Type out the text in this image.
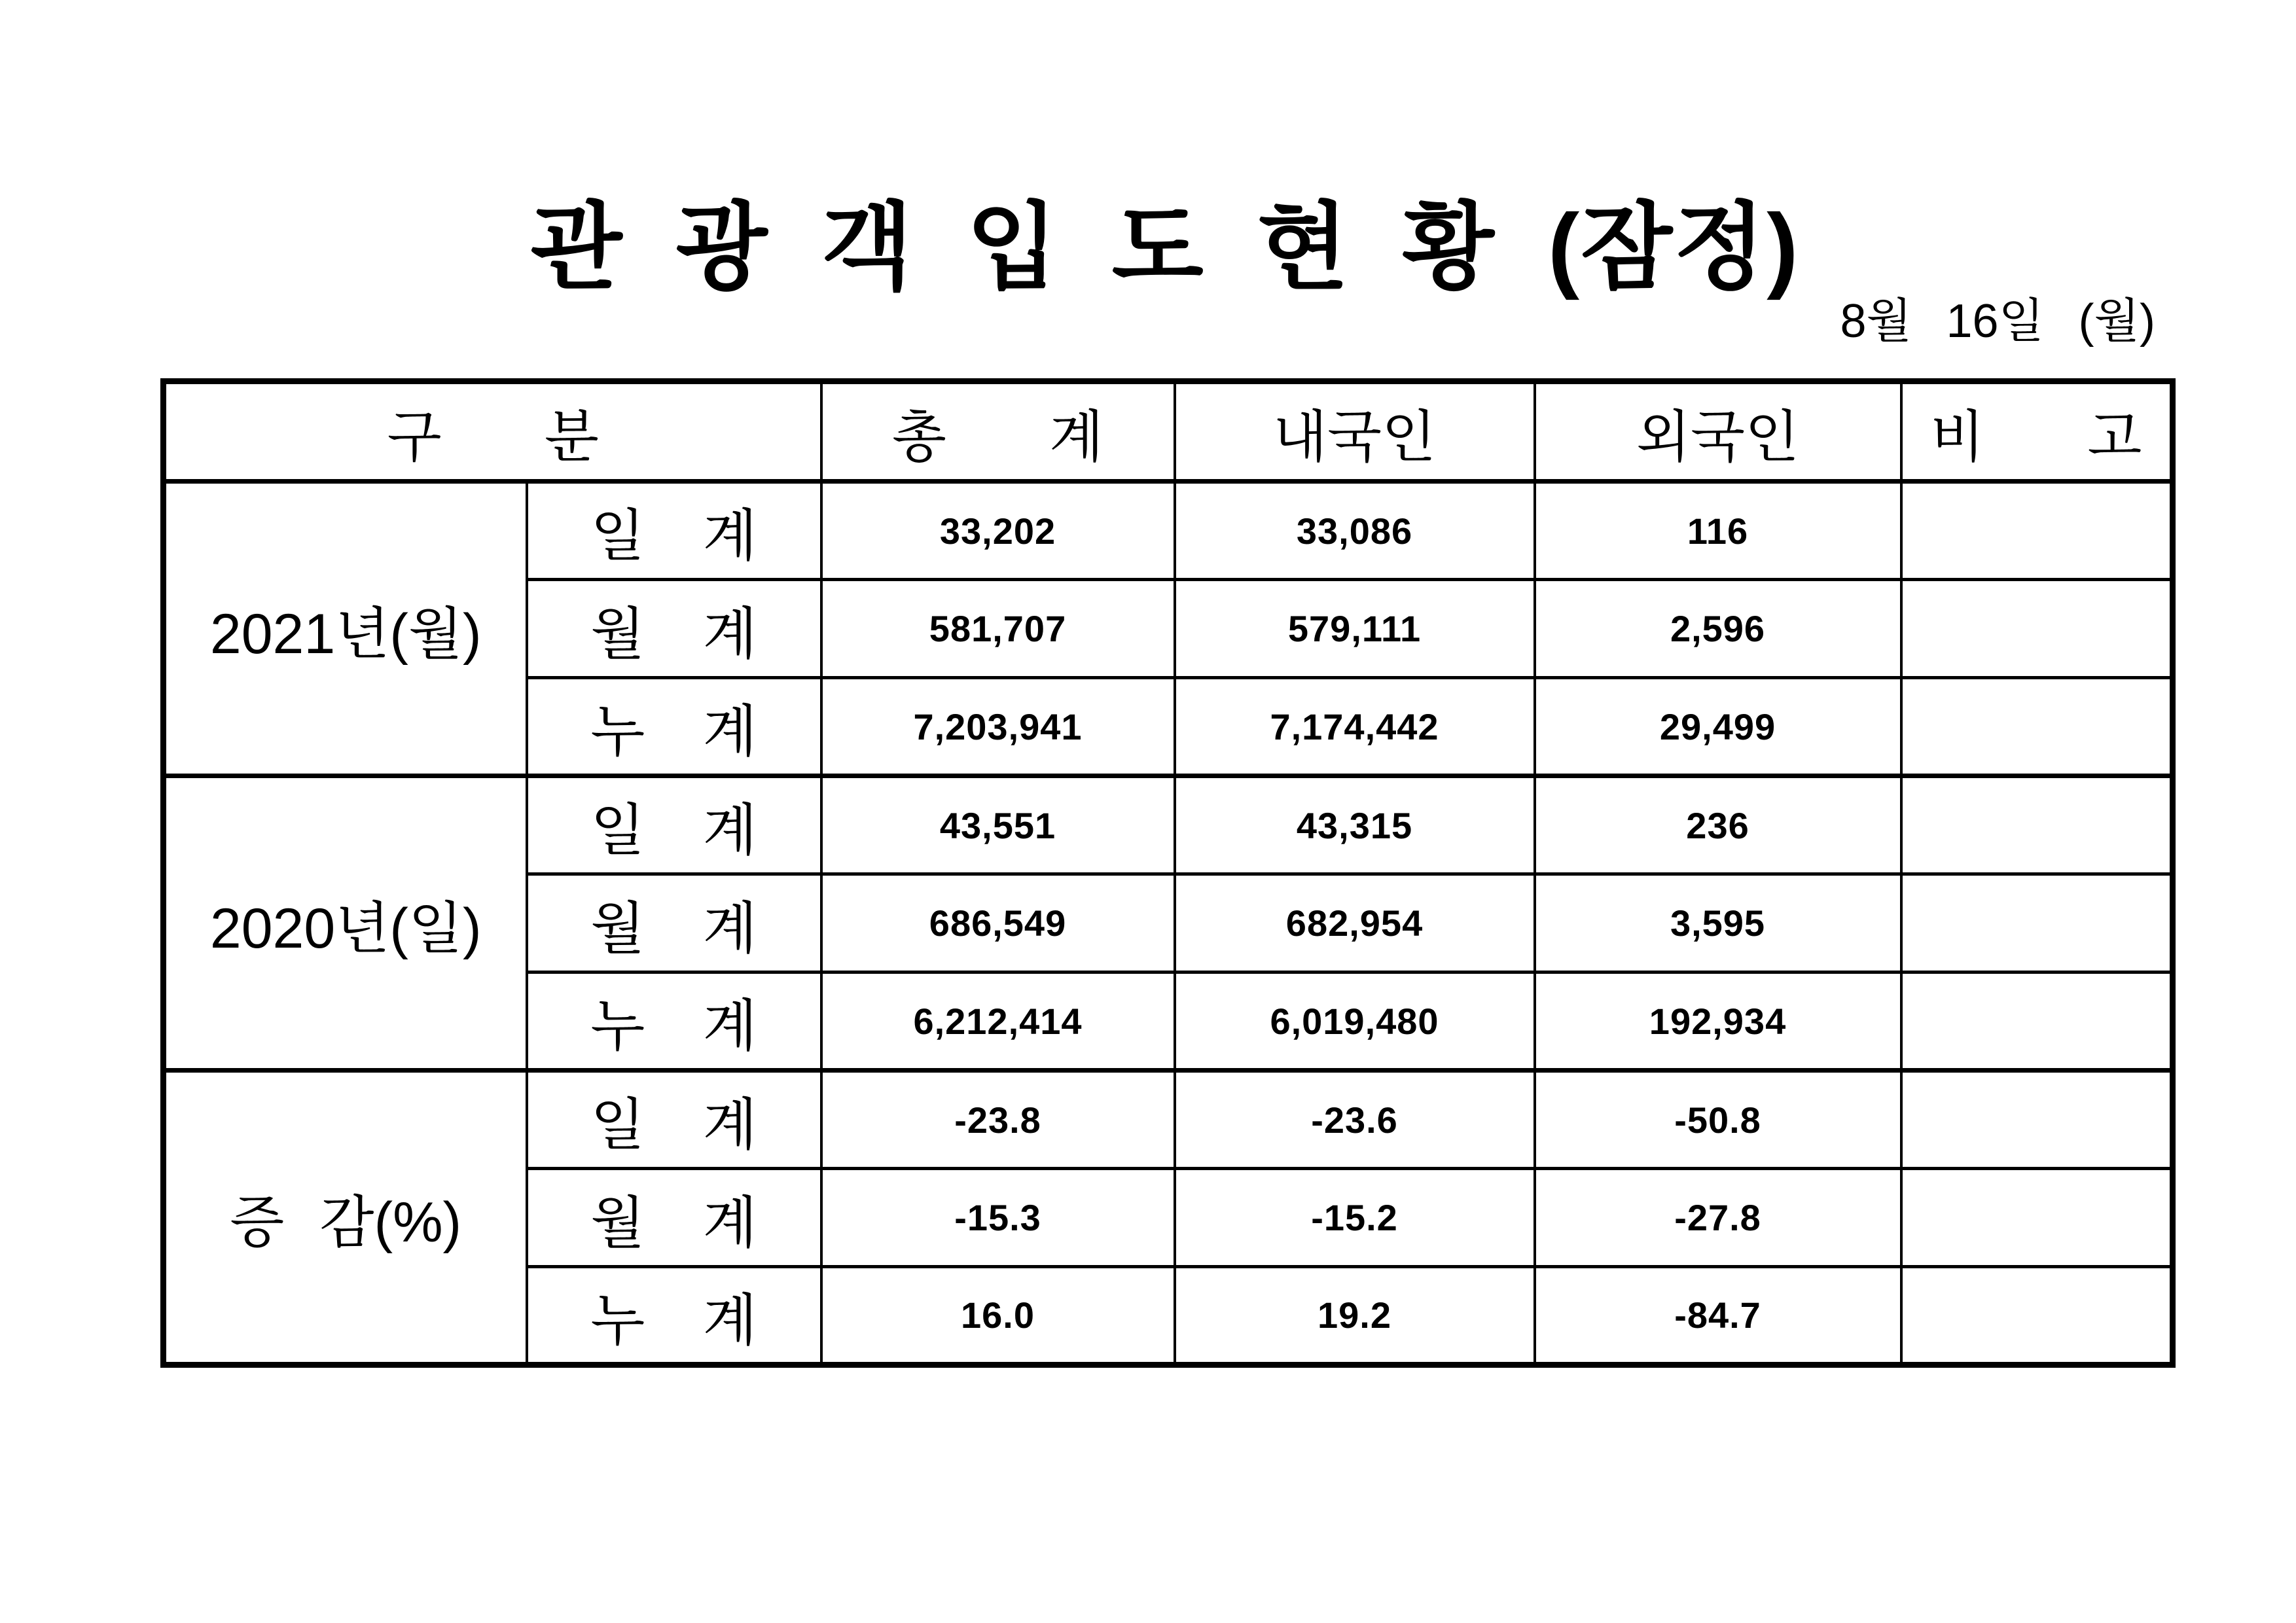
관 광 객 입 도 현 황 (잠정)
8월 16일 (월)
구 분		총 계	내국인	외국인	비 고
2021년(월)	일 계	33,202	33,086	116	
	월 계	581,707	579,111	2,596	
	누 계	7,203,941	7,174,442	29,499	
2020년(일)	일 계	43,551	43,315	236	
	월 계	686,549	682,954	3,595	
	누 계	6,212,414	6,019,480	192,934	
증 감(%)	일 계	-23.8	-23.6	-50.8	
	월 계	-15.3	-15.2	-27.8	
	누 계	16.0	19.2	-84.7	
